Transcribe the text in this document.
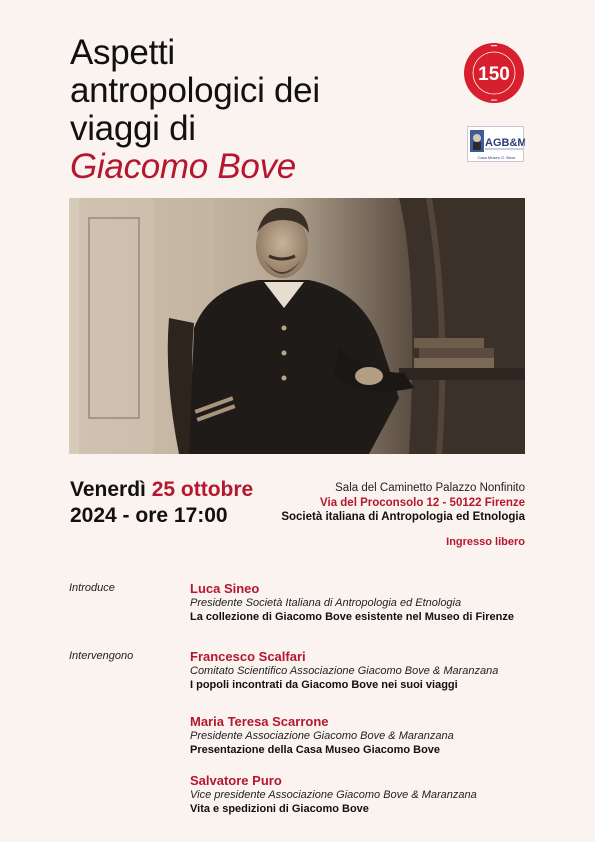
Aspetti
antropologici dei
viaggi di
Giacomo Bove
150
AGB&M
Casa Museo G. Bove
Venerdì 25 ottobre
2024 - ore 17:00
Sala del Caminetto Palazzo Nonfinito
Via del Proconsolo 12 - 50122 Firenze
Società italiana di Antropologia ed Etnologia
Ingresso libero
Introduce	Luca Sineo
Presidente Società Italiana di Antropologia ed Etnologia
La collezione di Giacomo Bove esistente nel Museo di Firenze
Intervengono	Francesco Scalfari
Comitato Scientifico Associazione Giacomo Bove & Maranzana
I popoli incontrati da Giacomo Bove nei suoi viaggi
Maria Teresa Scarrone
Presidente Associazione Giacomo Bove & Maranzana
Presentazione della Casa Museo Giacomo Bove
Salvatore Puro
Vice presidente Associazione Giacomo Bove & Maranzana
Vita e spedizioni di Giacomo Bove
